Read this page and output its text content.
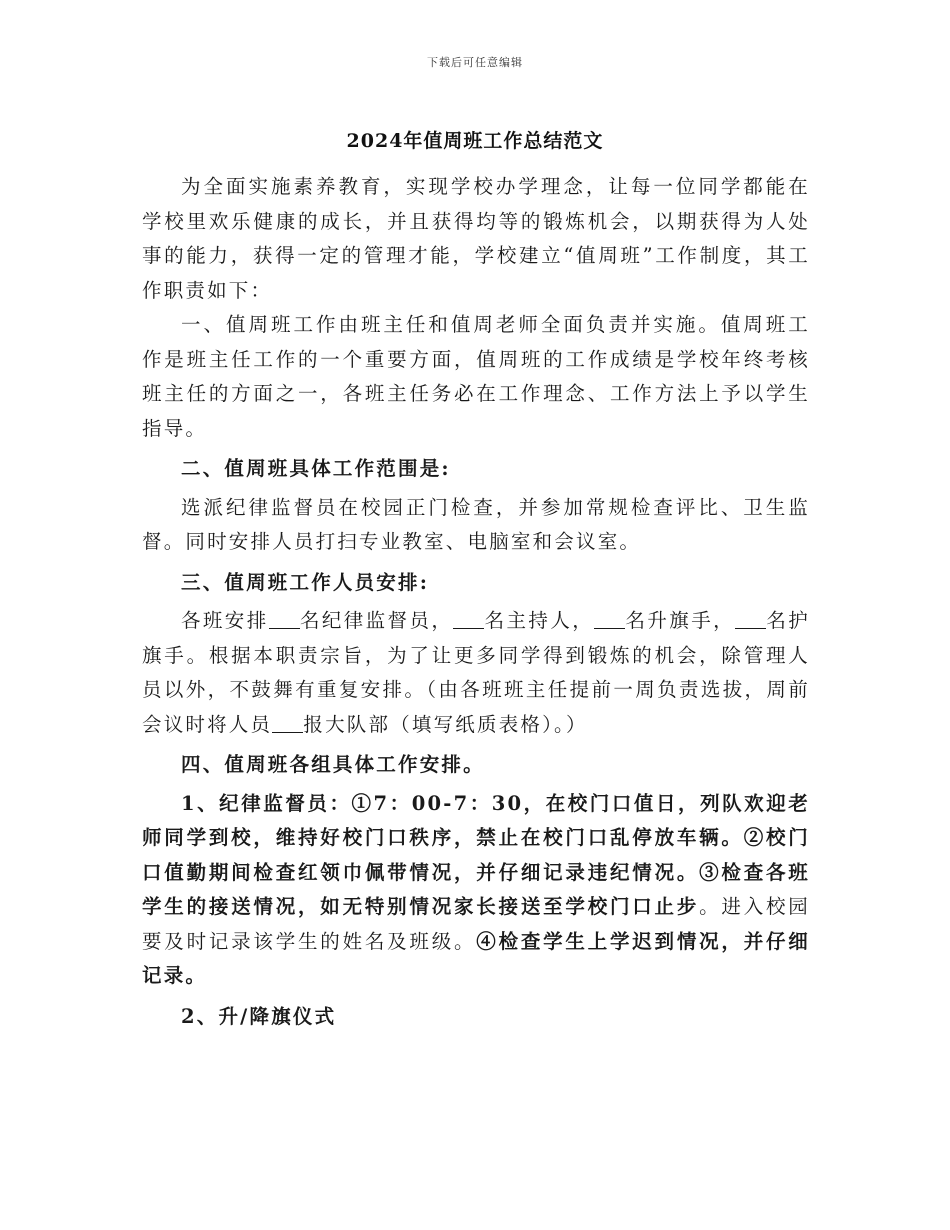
下载后可任意编辑
2024年值周班工作总结范文

为全面实施素养教育，实现学校办学理念，让每一位同学都能在学校里欢乐健康的成长，并且获得均等的锻炼机会，以期获得为人处事的能力，获得一定的管理才能，学校建立“值周班”工作制度，其工作职责如下：

一、值周班工作由班主任和值周老师全面负责并实施。值周班工作是班主任工作的一个重要方面，值周班的工作成绩是学校年终考核班主任的方面之一，各班主任务必在工作理念、工作方法上予以学生指导。

二、值周班具体工作范围是:

选派纪律监督员在校园正门检查，并参加常规检查评比、卫生监督。同时安排人员打扫专业教室、电脑室和会议室。

三、值周班工作人员安排:

各班安排 名纪律监督员， 名主持人， 名升旗手， 名护旗手。根据本职责宗旨，为了让更多同学得到锻炼的机会，除管理人员以外，不鼓舞有重复安排。（由各班班主任提前一周负责选拔，周前会议时将人员 报大队部（填写纸质表格）。）

四、值周班各组具体工作安排。

1、纪律监督员：①7：00-7：30，在校门口值日，列队欢迎老师同学到校，维持好校门口秩序，禁止在校门口乱停放车辆。②校门口值勤期间检查红领巾佩带情况，并仔细记录违纪情况。③检查各班学生的接送情况，如无特别情况家长接送至学校门口止步。进入校园要及时记录该学生的姓名及班级。④检查学生上学迟到情况，并仔细记录。

2、升/降旗仪式
